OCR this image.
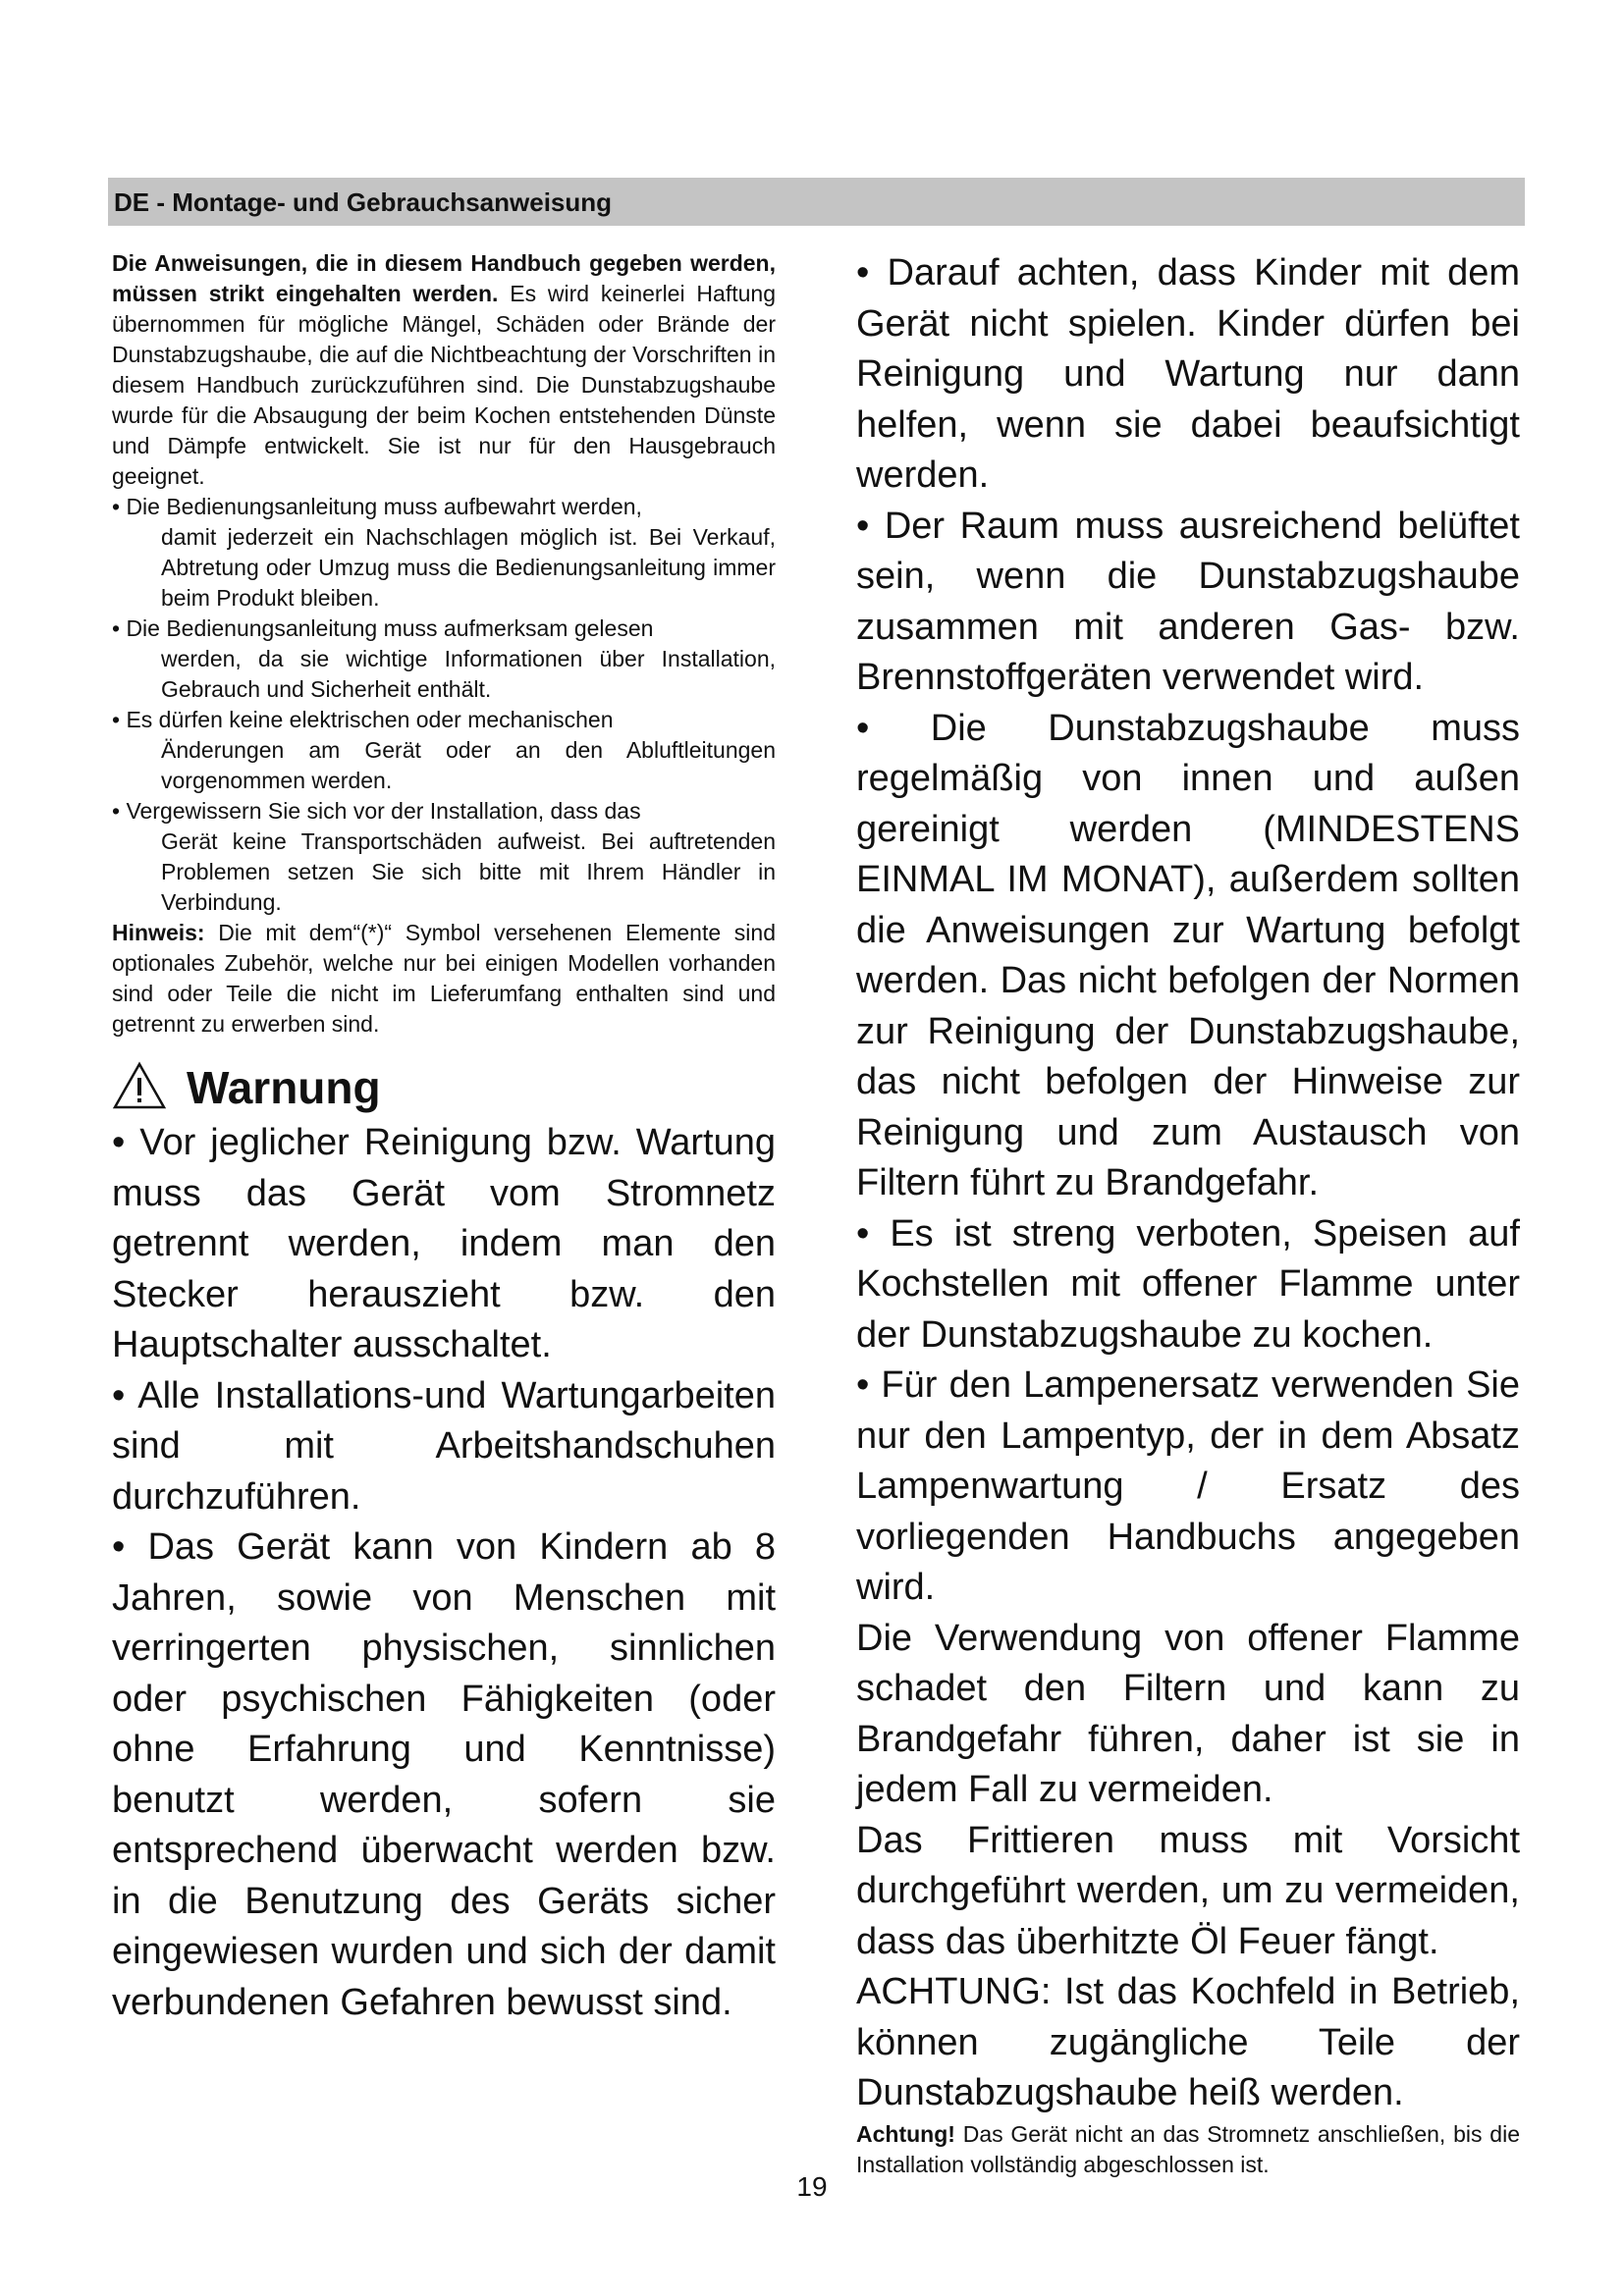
DE - Montage- und Gebrauchsanweisung

Die Anweisungen, die in diesem Handbuch gegeben werden, müssen strikt eingehalten werden. Es wird keinerlei Haftung übernommen für mögliche Mängel, Schäden oder Brände der Dunstabzugshaube, die auf die Nichtbeachtung der Vorschriften in diesem Handbuch zurückzuführen sind. Die Dunstabzugshaube wurde für die Absaugung der beim Kochen entstehenden Dünste und Dämpfe entwickelt. Sie ist nur für den Hausgebrauch geeignet.

• Die Bedienungsanleitung muss aufbewahrt werden,
damit jederzeit ein Nachschlagen möglich ist. Bei Verkauf, Abtretung oder Umzug muss die Bedienungsanleitung immer beim Produkt bleiben.
• Die Bedienungsanleitung muss aufmerksam gelesen
werden, da sie wichtige Informationen über Installation, Gebrauch und Sicherheit enthält.
• Es dürfen keine elektrischen oder mechanischen
Änderungen am Gerät oder an den Abluftleitungen vorgenommen werden.
• Vergewissern Sie sich vor der Installation, dass das
Gerät keine Transportschäden aufweist. Bei auftretenden Problemen setzen Sie sich bitte mit Ihrem Händler in Verbindung.

Hinweis: Die mit dem“(*)“ Symbol versehenen Elemente sind optionales Zubehör, welche nur bei einigen Modellen vorhanden sind oder Teile die nicht im Lieferumfang enthalten sind und getrennt zu erwerben sind.

Warnung

• Vor jeglicher Reinigung bzw. Wartung muss das Gerät vom Stromnetz getrennt werden, indem man den Stecker herauszieht bzw. den Hauptschalter ausschaltet.

• Alle Installations-und Wartungarbeiten sind mit Arbeitshandschuhen durchzuführen.

• Das Gerät kann von Kindern ab 8 Jahren, sowie von Menschen mit verringerten physischen, sinnlichen oder psychischen Fähigkeiten (oder ohne Erfahrung und Kenntnisse) benutzt werden, sofern sie entsprechend überwacht werden bzw. in die Benutzung des Geräts sicher eingewiesen wurden und sich der damit verbundenen Gefahren bewusst sind.

• Darauf achten, dass Kinder mit dem Gerät nicht spielen. Kinder dürfen bei Reinigung und Wartung nur dann helfen, wenn sie dabei beaufsichtigt werden.

• Der Raum muss ausreichend belüftet sein, wenn die Dunstabzugshaube zusammen mit anderen Gas- bzw. Brennstoffgeräten verwendet wird.

• Die Dunstabzugshaube muss regelmäßig von innen und außen gereinigt werden (MINDESTENS EINMAL IM MONAT), außerdem sollten die Anweisungen zur Wartung befolgt werden. Das nicht befolgen der Normen zur Reinigung der Dunstabzugshaube, das nicht befolgen der Hinweise zur Reinigung und zum Austausch von Filtern führt zu Brandgefahr.

• Es ist streng verboten, Speisen auf Kochstellen mit offener Flamme unter der Dunstabzugshaube zu kochen.

• Für den Lampenersatz verwenden Sie nur den Lampentyp, der in dem Absatz Lampenwartung / Ersatz des vorliegenden Handbuchs angegeben wird.

Die Verwendung von offener Flamme schadet den Filtern und kann zu Brandgefahr führen, daher ist sie in jedem Fall zu vermeiden.

Das Frittieren muss mit Vorsicht durchgeführt werden, um zu vermeiden, dass das überhitzte Öl Feuer fängt.

ACHTUNG: Ist das Kochfeld in Betrieb, können zugängliche Teile der Dunstabzugshaube heiß werden.

Achtung! Das Gerät nicht an das Stromnetz anschließen, bis die Installation vollständig abgeschlossen ist.

19
